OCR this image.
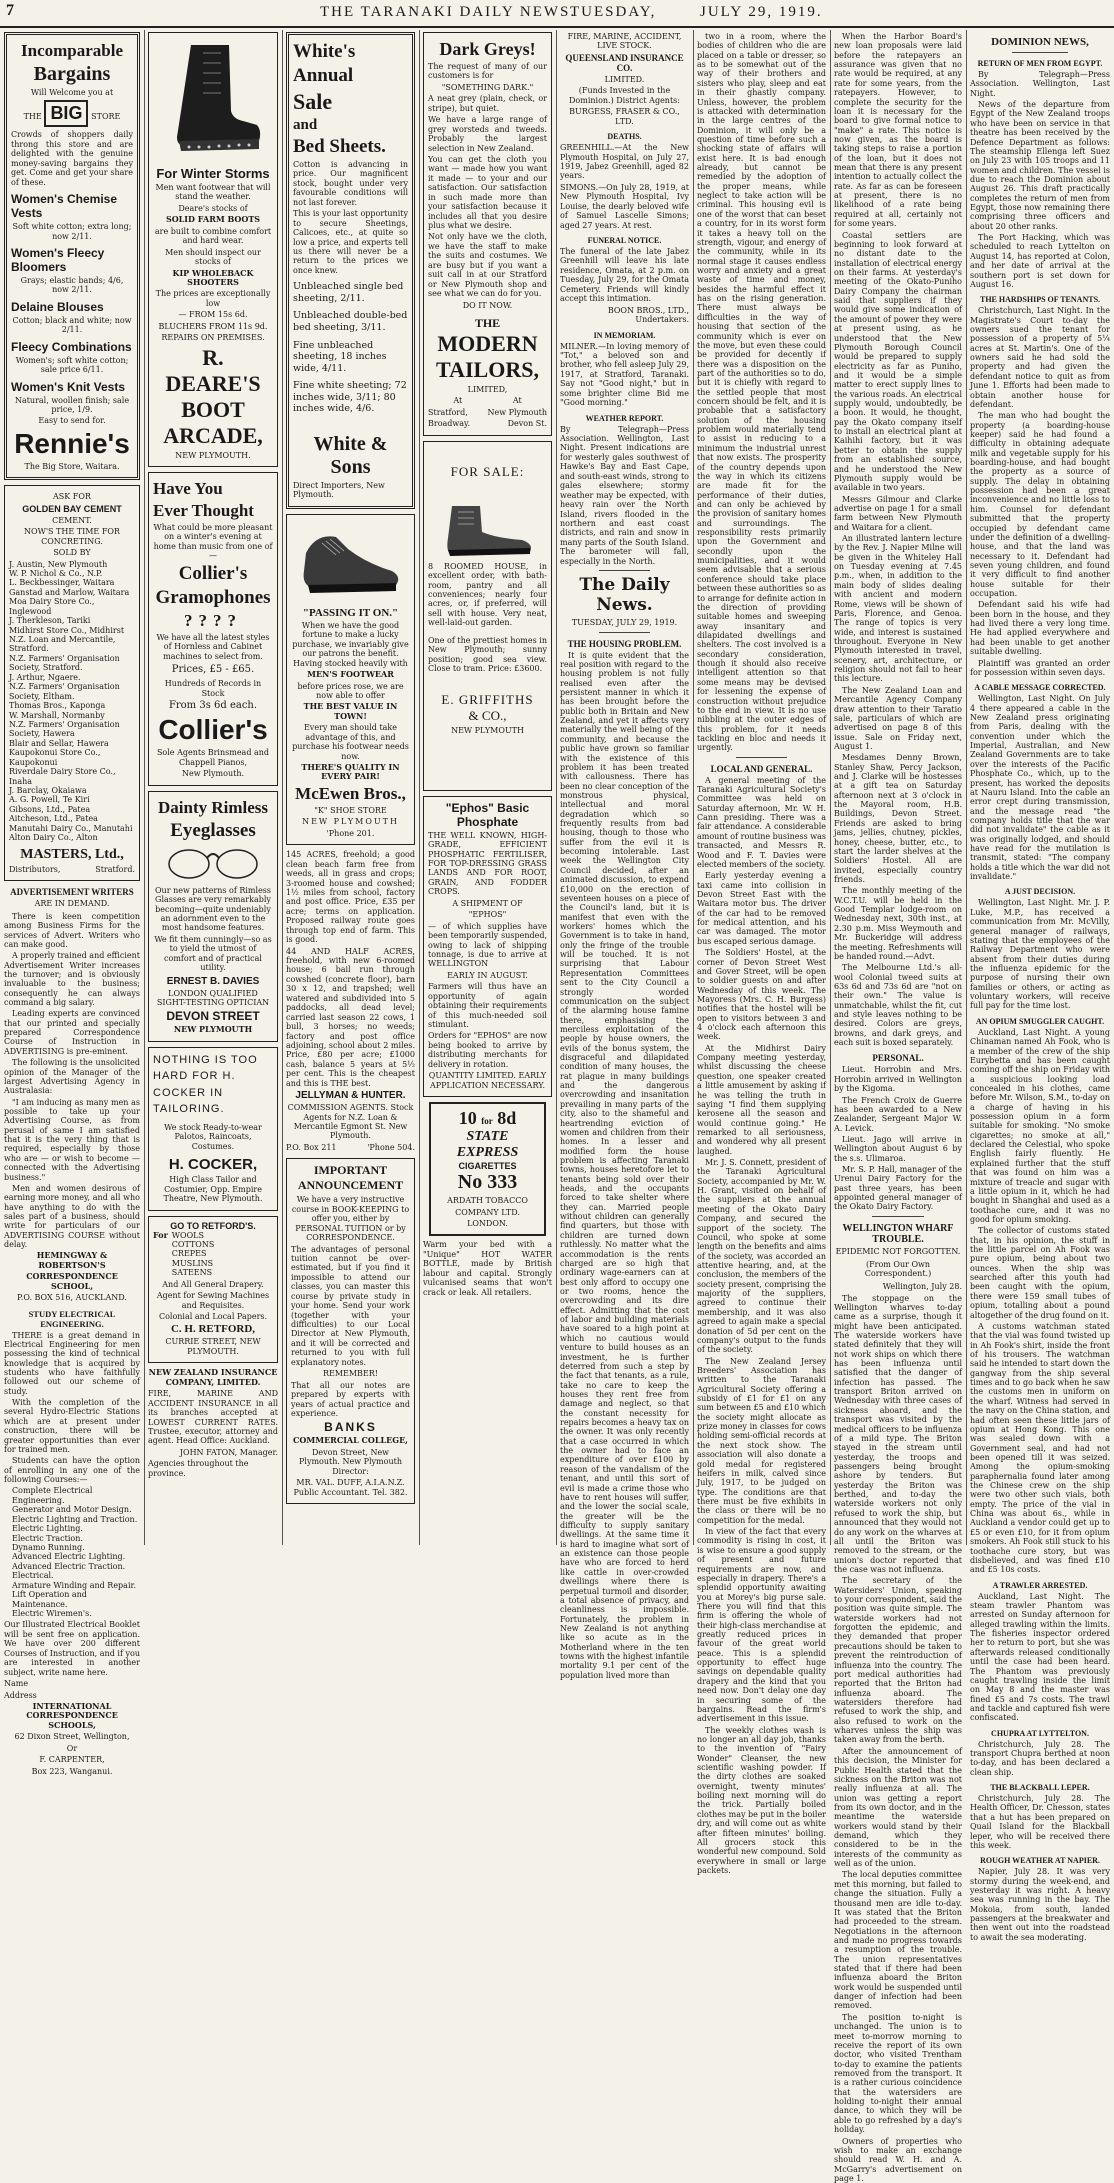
7	THE TARANAKI DAILY NEWS.
TUESDAY,	JULY 29, 1919.
Incomparable
Bargains
Will Welcome you at
THE BIG STORE
Crowds of shoppers daily throng this store and are delighted with the genuine money-saving bargains they get. Come and get your share of these.
Women's Chemise Vests
Soft white cotton; extra long; now 2/11.
Women's Fleecy Bloomers
Grays; elastic bands; 4/6, now 2/11.
Delaine Blouses
Cotton; black and white; now 2/11.
Fleecy Combinations
Women's; soft white cotton; sale price 6/11.
Women's Knit Vests
Natural, woollen finish; sale price, 1/9.
Easy to send for.
Rennie's
The Big Store, Waitara.
ASK FOR
GOLDEN BAY CEMENT
CEMENT.
NOW'S THE TIME FOR CONCRETING.
SOLD BY
J. Austin, New Plymouth
W. P. Nichol & Co., N.P.
L. Beckbessinger, Waitara
Ganstad and Marlow, Waitara
Moa Dairy Store Co., Inglewood
J. Therkleson, Tariki
Midhirst Store Co., Midhirst
N.Z. Loan and Mercantile, Stratford.
N.Z. Farmers' Organisation Society, Stratford.
J. Arthur, Ngaere.
N.Z. Farmers' Organisation Society, Eltham.
Thomas Bros., Kaponga
W. Marshall, Normanby
N.Z. Farmers' Organisation Society, Hawera
Blair and Sellar, Hawera
Kaupokonui Store Co., Kaupokonui
Riverdale Dairy Store Co., Inaha
J. Barclay, Okaiawa
A. G. Powell, Te Kiri
Gibsons, Ltd., Patea
Aitcheson, Ltd., Patea
Manutahi Dairy Co., Manutahi
Alton Dairy Co., Alton
MASTERS, Ltd.,
Distributors,	Stratford.
ADVERTISEMENT WRITERS
ARE IN DEMAND.
There is keen competition among Business Firms for the services of Advert. Writers who can make good.
A properly trained and efficient Advertisement Writer increases the turnover; and is obviously invaluable to the business; consequently he can always command a big salary.
Leading experts are convinced that our printed and specially prepared Correspondence Course of Instruction in ADVERTISING is pre-eminent.
The following is the unsolicited opinion of the Manager of the largest Advertising Agency in Australasia:
"I am inducing as many men as possible to take up your Advertising Course, as from perusal of same I am satisfied that it is the very thing that is required, especially by those who are — or wish to become — connected with the Advertising business."
Men and women desirous of earning more money, and all who have anything to do with the sales part of a business, should write for particulars of our ADVERTISING COURSE without delay.
HEMINGWAY & ROBERTSON'S
CORRESPONDENCE SCHOOL,
P.O. BOX 516, AUCKLAND.
STUDY ELECTRICAL ENGINEERING.
THERE is a great demand in Electrical Engineering for men possessing the kind of technical knowledge that is acquired by students who have faithfully followed out our scheme of study.
With the completion of the several Hydro-Electric Stations which are at present under construction, there will be greater opportunities than ever for trained men.
Students can have the option of enrolling in any one of the following Courses:—
Complete Electrical Engineering.
Generator and Motor Design.
Electric Lighting and Traction.
Electric Lighting.
Electric Traction.
Dynamo Running.
Advanced Electric Lighting.
Advanced Electric Traction.
Electrical.
Armature Winding and Repair.
Lift Operation and Maintenance.
Electric Wiremen's.
Our Illustrated Electrical Booklet will be sent free on application. We have over 200 different Courses of Instruction, and if you are interested in another subject, write name here.
Name
Address
INTERNATIONAL CORRESPONDENCE SCHOOLS,
62 Dixon Street, Wellington,
Or
F. CARPENTER,
Box 223, Wanganui.
For Winter Storms
Men want footwear that will stand the weather.
Deare's stocks of
SOLID FARM BOOTS
are built to combine comfort and hard wear.
Men should inspect our stocks of
KIP WHOLEBACK SHOOTERS
The prices are exceptionally low
— FROM 15s 6d.
BLUCHERS FROM 11s 9d.
REPAIRS ON PREMISES.
R. DEARE'S
BOOT
ARCADE,
NEW PLYMOUTH.
Have You
Ever Thought
What could be more pleasant on a winter's evening at home than music from one of—
Collier's
Gramophones
????
We have all the latest styles of Hornless and Cabinet machines to select from.
Prices, £5 - £65.
Hundreds of Records in Stock
From 3s 6d each.
Collier's
Sole Agents Brinsmead and Chappell Pianos,
New Plymouth.
Dainty Rimless
Eyeglasses
Our new patterns of Rimless Glasses are very remarkably becoming—quite undeniably an adornment even to the most handsome features.
We fit them cunningly—so as to yield the utmost of comfort and of practical utility.
ERNEST B. DAVIES
LONDON QUALIFIED SIGHT-TESTING OPTICIAN
DEVON STREET
NEW PLYMOUTH
NOTHING IS TOO HARD FOR H. COCKER IN TAILORING.
We stock Ready-to-wear Palotos, Raincoats, Costumes.
H. COCKER,
High Class Tailor and Costumier, Opp. Empire Theatre, New Plymouth.
GO TO RETFORD'S.
For WOOLS
COTTONS
CREPES
MUSLINS
SATEENS
And All General Drapery.
Agent for Sewing Machines and Requisites.
Colonial and Local Papers.
C. H. RETFORD,
CURRIE STREET, NEW PLYMOUTH.
NEW ZEALAND INSURANCE COMPANY, LIMITED.
FIRE, MARINE AND ACCIDENT INSURANCE in all its branches accepted at LOWEST CURRENT RATES. Trustee, executor, attorney and agent. Head Office: Auckland.
JOHN FATON, Manager.
Agencies throughout the province.
White's
Annual
Sale
and
Bed Sheets.
Cotton is advancing in price. Our magnificent stock, bought under very favourable conditions will not last forever.
This is your last opportunity to secure Sheetings, Calicoes, etc., at quite so low a price, and experts tell us there will never be a return to the prices we once knew.
Unbleached single bed sheeting, 2/11.
Unbleached double-bed bed sheeting, 3/11.
Fine unbleached sheeting, 18 inches wide, 4/11.
Fine white sheeting; 72 inches wide, 3/11; 80 inches wide, 4/6.
White & Sons
Direct Importers, New Plymouth.
"PASSING IT ON."
When we have the good fortune to make a lucky purchase, we invariably give our patrons the benefit. Having stocked heavily with
MEN'S FOOTWEAR
before prices rose, we are now able to offer
THE BEST VALUE IN TOWN!
Every man should take advantage of this, and purchase his footwear needs now.
THERE'S QUALITY IN EVERY PAIR!
McEwen Bros.,
"K" SHOE STORE
NEW PLYMOUTH
'Phone 201.
145 ACRES, freehold; a good clean beach farm free from weeds, all in grass and crops; 3-roomed house and cowshed; 1½ miles from school, factory and post office. Price, £35 per acre; terms on application. Proposed railway route goes through top end of farm. This is good.
44 AND HALF ACRES, freehold, with new 6-roomed house; 6 bail run through cowshed (concrete floor), barn 30 x 12, and trapshed; well watered and subdivided into 5 paddocks, all dead level; carried last season 22 cows, 1 bull, 3 horses; no weeds; factory and post office adjoining, school about 2 miles. Price, £80 per acre; £1000 cash, balance 5 years at 5½ per cent. This is the cheapest and this is THE best.
JELLYMAN & HUNTER.
COMMISSION AGENTS. Stock Agents for N.Z. Loan & Mercantile Egmont St. New Plymouth.
P.O. Box 211	'Phone 504.
IMPORTANT
ANNOUNCEMENT
We have a very instructive course in BOOK-KEEPING to offer you, either by PERSONAL TUITION or by CORRESPONDENCE.
The advantages of personal tuition cannot be over-estimated, but if you find it impossible to attend our classes, you can master this course by private study in your home. Send your work (together with your difficulties) to our Local Director at New Plymouth, and it will be corrected and returned to you with full explanatory notes.
REMEMBER!
That all our notes are prepared by experts with years of actual practice and experience.
BANKS
COMMERCIAL COLLEGE,
Devon Street, New Plymouth. New Plymouth Director:
MR. VAL. DUFF, A.I.A.N.Z. Public Accountant. Tel. 382.
Dark Greys!
The request of many of our customers is for
"SOMETHING DARK."
A neat grey (plain, check, or stripe), but quiet.
We have a large range of grey worsteds and tweeds. Probably the largest selection in New Zealand.
You can get the cloth you want — made how you want it made — to your and our satisfaction. Our satisfaction in such made more than your satisfaction because it includes all that you desire plus what we desire.
Not only have we the cloth, we have the staff to make the suits and costumes. We are busy but if you want a suit call in at our Stratford or New Plymouth shop and see what we can do for you.
DO IT NOW.
THE
MODERN
TAILORS,
LIMITED,
At	At
Stratford, New Plymouth
Broadway.	Devon St.
FOR SALE:
8 ROOMED HOUSE, in excellent order, with bath-room, pantry and all conveniences; nearly four acres, or, if preferred, will sell with house. Very neat, well-laid-out garden.
One of the prettiest homes in New Plymouth; sunny position; good sea view. Close to tram. Price: £3600.
E. GRIFFITHS
& CO.,
NEW PLYMOUTH
"Ephos" Basic
Phosphate
THE WELL KNOWN, HIGH-GRADE, EFFICIENT PHOSPHATIC FERTILISER, FOR TOP-DRESSING GRASS LANDS AND FOR ROOT, GRAIN, AND FODDER CROPS.
A SHIPMENT OF
"EPHOS"
— of which supplies have been temporarily suspended, owing to lack of shipping tonnage, is due to arrive at WELLINGTON
EARLY IN AUGUST.
Farmers will thus have an opportunity of again obtaining their requirements of this much-needed soil stimulant.
Orders for "EPHOS" are now being booked to arrive by distributing merchants for delivery in rotation.
QUANTITY LIMITED. EARLY APPLICATION NECESSARY.
10 for 8d
STATE EXPRESS
CIGARETTES
No 333
ARDATH TOBACCO
COMPANY LTD.
LONDON.
Warm your bed with a "Unique" HOT WATER BOTTLE, made by British labour and capital. Strongly vulcanised seams that won't crack or leak. All retailers.
FIRE, MARINE, ACCIDENT, LIVE STOCK.
QUEENSLAND INSURANCE CO.
LIMITED.
(Funds Invested in the Dominion.) District Agents:
BURGESS, FRASER & CO., LTD.
DEATHS.
GREENHILL.—At the New Plymouth Hospital, on July 27, 1919, Jabez Greenhill, aged 82 years.
SIMONS.—On July 28, 1919, at New Plymouth Hospital, Ivy Louise, the dearly beloved wife of Samuel Lascelle Simons; aged 27 years. At rest.
FUNERAL NOTICE.
The funeral of the late Jabez Greenhill will leave his late residence, Omata, at 2 p.m. on Tuesday, July 29, for the Omata Cemetery. Friends will kindly accept this intimation.
BOON BROS., LTD., Undertakers.
IN MEMORIAM.
MILNER.—In loving memory of "Tot," a beloved son and brother, who fell asleep July 29, 1917, at Stratford, Taranaki. Say not "Good night," but in some brighter clime Bid me "Good morning."
WEATHER REPORT.
By Telegraph—Press Association. Wellington, Last Night. Present indications are for westerly gales southwest of Hawke's Bay and East Cape, and south-east winds, strong to gales elsewhere; stormy weather may be expected, with heavy rain over the North Island, rivers flooded in the northern and east coast districts, and rain and snow in many parts of the South Island. The barometer will fall, especially in the North.
The Daily News.
TUESDAY, JULY 29, 1919.
THE HOUSING PROBLEM.
It is quite evident that the real position with regard to the housing problem is not fully realised even after the persistent manner in which it has been brought before the public both in Britain and New Zealand, and yet it affects very materially the well being of the community, and because the public have grown so familiar with the existence of this problem it has been treated with callousness. There has been no clear conception of the monstrous physical, intellectual and moral degradation which so frequently results from bad housing, though to those who suffer from the evil it is becoming intolerable. Last week the Wellington City Council decided, after an animated discussion, to expend £10,000 on the erection of seventeen houses on a piece of the Council's land, but it is manifest that even with the workers' homes which the Government is to take in hand, only the fringe of the trouble will be touched. It is not surprising that Labour Representation Committees sent to the City Council a strongly worded communication on the subject of the alarming house famine there, emphasising the merciless exploitation of the people by house owners, the evils of the bonus system, the disgraceful and dilapidated condition of many houses, the rat plague in many buildings and the dangerous overcrowding and insanitation prevailing in many parts of the city, also to the shameful and heartrending eviction of women and children from their homes. In a lesser and modified form the house problem is affecting Taranaki towns, houses heretofore let to tenants being sold over their heads, and the occupants forced to take shelter where they can. Married people without children can generally find quarters, but those with children are turned down ruthlessly. No matter what the accommodation is the rents charged are so high that ordinary wage-earners can at best only afford to occupy one or two rooms, hence the overcrowding and its dire effect. Admitting that the cost of labor and building materials have soared to a high point at which no cautious would venture to build houses as an investment, he is further deterred from such a step by the fact that tenants, as a rule, take no care to keep the houses they rent free from damage and neglect, so that the constant necessity for repairs becomes a heavy tax on the owner. It was only recently that a case occurred in which the owner had to face an expenditure of over £100 by reason of the vandalism of the tenant, and until this sort of evil is made a crime those who have to rent houses will suffer, and the lower the social scale, the greater will be the difficulty to supply sanitary dwellings. At the same time it is hard to imagine what sort of an existence can those people have who are forced to herd like cattle in over-crowded dwellings where there is perpetual turmoil and disorder, a total absence of privacy, and cleanliness is impossible. Fortunately, the problem in New Zealand is not anything like so acute as in the Motherland where in the ten towns with the highest infantile mortality 9.1 per cent of the population lived more than
two in a room, where the bodies of children who die are placed on a table or dresser, so as to be somewhat out of the way of their brothers and sisters who play, sleep and eat in their ghastly company. Unless, however, the problem is attacked with determination in the large centres of the Dominion, it will only be a question of time before such a shocking state of affairs will exist here. It is bad enough already, but cannot be remedied by the adoption of the proper means, while neglect to take action will be criminal. This housing evil is one of the worst that can beset a country, for in its worst form it takes a heavy toll on the strength, vigour, and energy of the community, while in its normal stage it causes endless worry and anxiety and a great waste of time and money, besides the harmful effect it has on the rising generation. There must always be difficulties in the way of housing that section of the community which is ever on the move, but even these could be provided for decently if there was a disposition on the part of the authorities so to do, but it is chiefly with regard to the settled people that most concern should be felt, and it is probable that a satisfactory solution of the housing problem would materially tend to assist in reducing to a minimum the industrial unrest that now exists. The prosperity of the country depends upon the way in which its citizens are made fit for the performance of their duties, and can only be achieved by the provision of sanitary homes and surroundings. The responsibility rests primarily upon the Government and secondly upon the municipalities, and it would seem advisable that a serious conference should take place between these authorities so as to arrange for definite action in the direction of providing suitable homes and sweeping away insanitary and dilapidated dwellings and shelters. The cost involved is a secondary consideration, though it should also receive intelligent attention so that some means may be devised for lessening the expense of construction without prejudice to the end in view. It is no use nibbling at the outer edges of this problem, for it needs tackling en bloc and needs it urgently.
LOCAL AND GENERAL.
A general meeting of the Taranaki Agricultural Society's Committee was held on Saturday afternoon, Mr. W. H. Cann presiding. There was a fair attendance. A considerable amount of routine business was transacted, and Messrs R. Wood and F. T. Davies were elected members of the society.
Early yesterday evening a taxi came into collision in Devon Street East with the Waitara motor bus. The driver of the car had to be removed for medical attention, and his car was damaged. The motor bus escaped serious damage.
The Soldiers' Hostel, at the corner of Devon Street West and Gover Street, will be open to soldier guests on and after Wednesday of this week. The Mayoress (Mrs. C. H. Burgess) notifies that the hostel will be open to visitors between 3 and 4 o'clock each afternoon this week.
At the Midhirst Dairy Company meeting yesterday, whilst discussing the cheese question, one speaker created a little amusement by asking if he was telling the truth in saying "I find them supplying kerosene all the season and would continue going." He remarked to all seriousness, and wondered why all present laughed.
Mr. J. S. Connett, president of the Taranaki Agricultural Society, accompanied by Mr. W. H. Grant, visited on behalf of the suppliers at the annual meeting of the Okato Dairy Company, and secured the support of the society. The Council, who spoke at some length on the benefits and aims of the society, was accorded an attentive hearing, and, at the conclusion, the members of the society present, comprising the majority of the suppliers, agreed to continue their membership, and it was also agreed to again make a special donation of 5d per cent on the company's output to the funds of the society.
The New Zealand Jersey Breeders' Association has written to the Taranaki Agricultural Society offering a subsidy of £1 for £1 on any sum between £5 and £10 which the society might allocate as prize money in classes for cows holding semi-official records at the next stock show. The association will also donate a gold medal for registered heifers in milk, calved since July, 1917, to be judged on type. The conditions are that there must be five exhibits in the class or there will be no competition for the medal.
In view of the fact that every commodity is rising in cost, it is wise to ensure a good supply of present and future requirements are now, and especially in drapery. There's a splendid opportunity awaiting you at Morey's big purse sale. There you will find that this firm is offering the whole of their high-class merchandise at greatly reduced prices in favour of the great world peace. This is a splendid opportunity to effect huge savings on dependable quality drapery and the kind that you need now. Don't delay one day in securing some of the bargains. Read the firm's advertisement in this issue.
The weekly clothes wash is no longer an all day job, thanks to the invention of "Fairy Wonder" Cleanser, the new scientific washing powder. If the dirty clothes are soaked overnight, twenty minutes' boiling next morning will do the trick. Partially boiled clothes may be put in the boiler dry, and will come out as white after fifteen minutes' boiling. All grocers stock this wonderful new compound. Sold everywhere in small or large packets.
When the Harbor Board's new loan proposals were laid before the ratepayers an assurance was given that no rate would be required, at any rate for some years, from the ratepayers. However, to complete the security for the loan it is necessary for the board to give formal notice to "make" a rate. This notice is now given, as the board is taking steps to raise a portion of the loan, but it does not mean that there is any present intention to actually collect the rate. As far as can be foreseen at present, there is no likelihood of a rate being required at all, certainly not for some years.
Coastal settlers are beginning to look forward at no distant date to the installation of electrical energy on their farms. At yesterday's meeting of the Okato-Puniho Dairy Company the chairman said that suppliers if they would give some indication of the amount of power they were at present using, as he understood that the New Plymouth Borough Council would be prepared to supply electricity as far as Puniho, and it would be a simple matter to erect supply lines to the various roads. An electrical supply would, undoubtedly, be a boon. It would, he thought, pay the Okato company itself to install an electrical plant at Kaihihi factory, but it was better to obtain the supply from an established source, and he understood the New Plymouth supply would be available in two years.
Messrs Gilmour and Clarke advertise on page 1 for a small farm between New Plymouth and Waitara for a client.
An illustrated lantern lecture by the Rev. J. Napier Milne will be given in the Whiteley Hall on Tuesday evening at 7.45 p.m., when, in addition to the main body of slides dealing with ancient and modern Rome, views will be shown of Paris, Florence, and Genoa. The range of topics is very wide, and interest is sustained throughout. Everyone in New Plymouth interested in travel, scenery, art, architecture, or religion should not fail to hear this lecture.
The New Zealand Loan and Mercantile Agency Company draw attention to their Taratio sale, particulars of which are advertised on page 8 of this issue. Sale on Friday next, August 1.
Mesdames Denny Brown, Stanley Shaw, Percy Jackson, and J. Clarke will be hostesses at a gift tea on Saturday afternoon next at 3 o'clock in the Mayoral room, H.B. Buildings, Devon Street. Friends are asked to bring jams, jellies, chutney, pickles, honey, cheese, butter, etc., to start the larder shelves at the Soldiers' Hostel. All are invited, especially country friends.
The monthly meeting of the W.C.T.U. will be held in the Good Templar lodge-room on Wednesday next, 30th inst., at 2.30 p.m. Miss Weymouth and Mr. Buckeridge will address the meeting. Refreshments will be handed round.—Advt.
The Melbourne Ltd.'s all-wool Colonial tweed suits at 63s 6d and 73s 6d are "not on their own." The value is unmatchable, whilst the fit, cut and style leaves nothing to be desired. Colors are greys, browns, and dark greys, and each suit is boxed separately.
PERSONAL.
Lieut. Horrobin and Mrs. Horrobin arrived in Wellington by the Kigoma.
The French Croix de Guerre has been awarded to a New Zealander, Sergeant Major W. A. Levick.
Lieut. Jago will arrive in Wellington about August 6 by the s.s. Ulimaroa.
Mr. S. P. Hall, manager of the Urenui Dairy Factory for the past three years, has been appointed general manager of the Okato Dairy Factory.
WELLINGTON WHARF
TROUBLE.
EPIDEMIC NOT FORGOTTEN.
(From Our Own Correspondent.)
Wellington, July 28.
The stoppage on the Wellington wharves to-day came as a surprise, though it might have been anticipated. The waterside workers have stated definitely that they will not work ships on which there has been influenza until satisfied that the danger of infection has passed. The transport Briton arrived on Wednesday with three cases of sickness aboard, and the transport was visited by the medical officers to be influenza of a mild type. The Briton stayed in the stream until yesterday, the troops and passengers being brought ashore by tenders. But yesterday the Briton was berthed, and to-day the waterside workers not only refused to work the ship, but announced that they would not do any work on the wharves at all until the Briton was removed to the stream, or the union's doctor reported that the case was not influenza.
The secretary of the Watersiders' Union, speaking to your correspondent, said the position was quite simple. The waterside workers had not forgotten the epidemic, and they demanded that proper precautions should be taken to prevent the reintroduction of influenza into the country. The port medical authorities had reported that the Briton had influenza aboard. The watersiders therefore had refused to work the ship, and also refused to work on the wharves unless the ship was taken away from the berth.
After the announcement of this decision, the Minister for Public Health stated that the sickness on the Briton was not really influenza at all. The union was getting a report from its own doctor, and in the meantime the waterside workers would stand by their demand, which they considered to be in the interests of the community as well as of the union.
The local deputies committee met this morning, but failed to change the situation. Fully a thousand men are idle to-day. It was stated that the Briton had proceeded to the stream. Negotiations in the afternoon and made no progress towards a resumption of the trouble. The union representatives stated that if there had been influenza aboard the Briton work would be suspended until danger of infection had been removed.
The position to-night is unchanged. The union is to meet to-morrow morning to receive the report of its own doctor, who visited Trentham to-day to examine the patients removed from the transport. It is a rather curious coincidence that the watersiders are holding to-night their annual dance, to which they will be able to go refreshed by a day's holiday.
Owners of properties who wish to make an exchange should read W. H. and A. McGarry's advertisement on page 1.
DOMINION NEWS,
RETURN OF MEN FROM EGYPT.
By Telegraph—Press Association. Wellington, Last Night.
News of the departure from Egypt of the New Zealand troops who have been on service in that theatre has been received by the Defence Department as follows: The steamship Ellenga left Suez on July 23 with 105 troops and 11 women and children. The vessel is due to reach the Dominion about August 26. This draft practically completes the return of men from Egypt, those now remaining there comprising three officers and about 20 other ranks.
The Port Hacking, which was scheduled to reach Lyttelton on August 14, has reported at Colon, and her date of arrival at the southern port is set down for August 16.
THE HARDSHIPS OF TENANTS.
Christchurch, Last Night. In the Magistrate's Court to-day the owners sued the tenant for possession of a property of 5¼ acres at St. Martin's. One of the owners said he had sold the property and had given the defendant notice to quit as from June 1. Efforts had been made to obtain another house for defendant.
The man who had bought the property (a boarding-house keeper) said he had found a difficulty in obtaining adequate milk and vegetable supply for his boarding-house, and had bought the property as a source of supply. The delay in obtaining possession had been a great inconvenience and no little loss to him. Counsel for defendant submitted that the property occupied by defendant came under the definition of a dwelling-house, and that the land was necessary to it. Defendant had seven young children, and found it very difficult to find another house suitable for their occupation.
Defendant said his wife had been born in the house, and they had lived there a very long time. He had applied everywhere and had been unable to get another suitable dwelling.
Plaintiff was granted an order for possession within seven days.
A CABLE MESSAGE CORRECTED.
Wellington, Last Night. On July 4 there appeared a cable in the New Zealand press originating from Paris, dealing with the convention under which the Imperial, Australian, and New Zealand Governments are to take over the interests of the Pacific Phosphate Co., which, up to the present, has worked the deposits at Nauru Island. Into the cable an error crept during transmission, and the message read "the company holds title that the war did not invalidate" the cable as it was originally lodged, and should have read for the mutilation is transmit, stated: "The company holds a title which the war did not invalidate."
A JUST DECISION.
Wellington, Last Night. Mr. J. P. Luke, M.P., has received a communication from Mr. McVilly, general manager of railways, stating that the employees of the Railway Department who were absent from their duties during the influenza epidemic for the purpose of nursing their own families or others, or acting as voluntary workers, will receive full pay for the time lost.
AN OPIUM SMUGGLER CAUGHT.
Auckland, Last Night. A young Chinaman named Ah Fook, who is a member of the crew of the ship Eurybetta and has been caught coming off the ship on Friday with a suspicious looking load concealed in his clothes, came before Mr. Wilson, S.M., to-day on a charge of having in his possession opium in a form suitable for smoking. "No smoke cigarettes; no smoke at all," declared the Celestial, who spoke English fairly fluently. He explained further that the stuff that was found on him was a mixture of treacle and sugar with a little opium in it, which he had bought in Shanghai and used as a toothache cure, and it was no good for opium smoking.
The collector of customs stated that, in his opinion, the stuff in the little parcel on Ah Fook was pure opium, being about two ounces. When the ship was searched after this youth had been caught with the opium, there were 159 small tubes of opium, totalling about a pound altogether of the drug found on it.
A customs watchman stated that the vial was found twisted up in Ah Fook's shirt, inside the front of his trousers. The watchman said he intended to start down the gangway from the ship several times and to go back when he saw the customs men in uniform on the wharf. Witness had served in the navy on the China station, and had often seen these little jars of opium at Hong Kong. This one was sealed down with a Government seal, and had not been opened till it was seized. Among the opium-smoking paraphernalia found later among the Chinese crew on the ship were two other such vials, both empty. The price of the vial in China was about 6s., while in Auckland a vendor could get up to £5 or even £10, for it from opium smokers. Ah Fook still stuck to his toothache cure story, but was disbelieved, and was fined £10 and £5 10s costs.
A TRAWLER ARRESTED.
Auckland, Last Night. The steam trawler Phantom was arrested on Sunday afternoon for alleged trawling within the limits. The fisheries inspector ordered her to return to port, but she was afterwards released conditionally until the case had been heard. The Phantom was previously caught trawling inside the limit on May 8 and the master was fined £5 and 7s costs. The trawl and tackle and captured fish were confiscated.
CHUPRA AT LYTTELTON.
Christchurch, July 28. The transport Chupra berthed at noon to-day, and has been declared a clean ship.
THE BLACKBALL LEPER.
Christchurch, July 28. The Health Officer, Dr. Chesson, states that a hut has been prepared on Quail Island for the Blackball leper, who will be received there this week.
ROUGH WEATHER AT NAPIER.
Napier, July 28. It was very stormy during the week-end, and yesterday it was right. A heavy sea was running in the bay. The Mokoia, from south, landed passengers at the breakwater and then went out into the roadstead to await the sea moderating.
